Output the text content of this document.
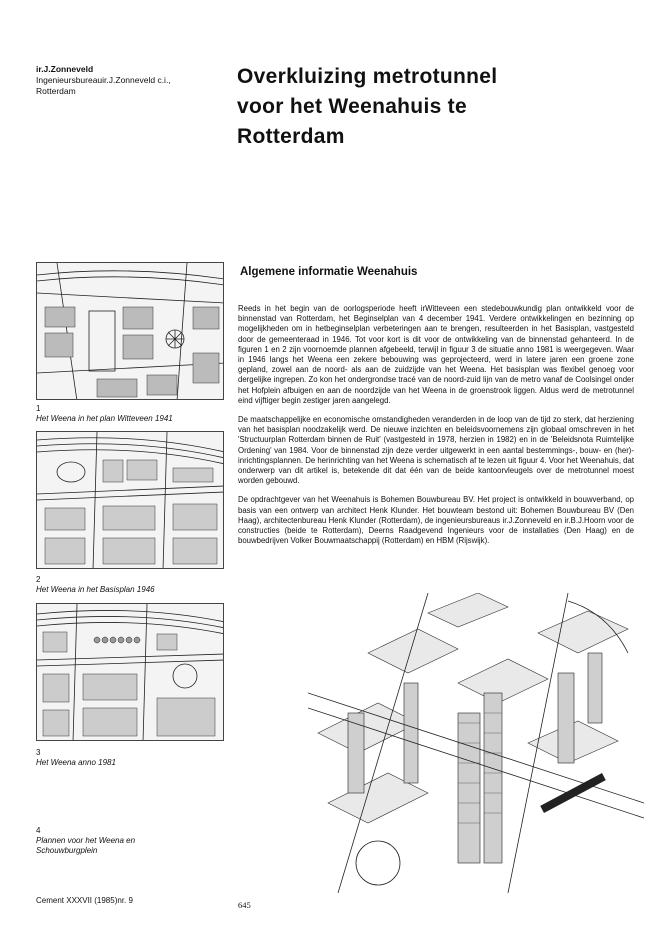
ir.J.Zonneveld
Ingenieursbureauir.J.Zonneveld c.i.,
Rotterdam
Overkluizing metrotunnel
voor het Weenahuis te
Rotterdam
Algemene informatie Weenahuis

Reeds in het begin van de oorlogsperiode heeft irWitteveen een stedebouwkundig plan ontwikkeld voor de binnenstad van Rotterdam, het Beginselplan van 4 december 1941. Verdere ontwikkelingen en bezinning op mogelijkheden om in hetbeginselplan verbeteringen aan te brengen, resulteerden in het Basisplan, vastgesteld door de gemeenteraad in 1946. Tot voor kort is dit voor de ontwikkeling van de binnenstad gehanteerd. In de figuren 1 en 2 zijn voornoemde plannen afgebeeld, terwijl in figuur 3 de situatie anno 1981 is weergegeven. Waar in 1946 langs het Weena een zekere bebouwing was geprojecteerd, werd in latere jaren een groene zone gepland, zowel aan de noord- als aan de zuidzijde van het Weena. Het basisplan was flexibel genoeg voor dergelijke ingrepen. Zo kon het ondergrondse tracé van de noord-zuid lijn van de metro vanaf de Coolsingel onder het Hofplein afbuigen en aan de noordzijde van het Weena in de groenstrook liggen. Aldus werd de metrotunnel eind vijftiger begin zestiger jaren aangelegd.

De maatschappelijke en economische omstandigheden veranderden in de loop van de tijd zo sterk, dat herziening van het basisplan noodzakelijk werd. De nieuwe inzichten en beleidsvoornemens zijn globaal omschreven in het 'Structuurplan Rotterdam binnen de Ruit' (vastgesteld in 1978, herzien in 1982) en in de 'Beleidsnota Ruimtelijke Ordening' van 1984. Voor de binnenstad zijn deze verder uitgewerkt in een aantal bestemmings-, bouw- en (her)-inrichtingsplannen. De herinrichting van het Weena is schematisch af te lezen uit figuur 4. Voor het Weenahuis, dat onderwerp van dit artikel is, betekende dit dat één van de beide kantoorvleugels over de metrotunnel moest worden gebouwd.

De opdrachtgever van het Weenahuis is Bohemen Bouwbureau BV. Het project is ontwikkeld in bouwverband, op basis van een ontwerp van architect Henk Klunder. Het bouwteam bestond uit: Bohemen Bouwbureau BV (Den Haag), architectenbureau Henk Klunder (Rotterdam), de ingenieursbureaus ir.J.Zonneveld en ir.B.J.Hoorn voor de constructies (beide te Rotterdam), Deerns Raadgevend Ingenieurs voor de installaties (Den Haag) en de bouwbedrijven Volker Bouwmaatschappij (Rotterdam) en HBM (Rijswijk).

1
Het Weena in het plan Witteveen 1941
2
Het Weena in het Basisplan 1946
3
Het Weena anno 1981
4
Plannen voor het Weena en
Schouwburgplein
Cement XXXVII (1985)nr. 9	645
